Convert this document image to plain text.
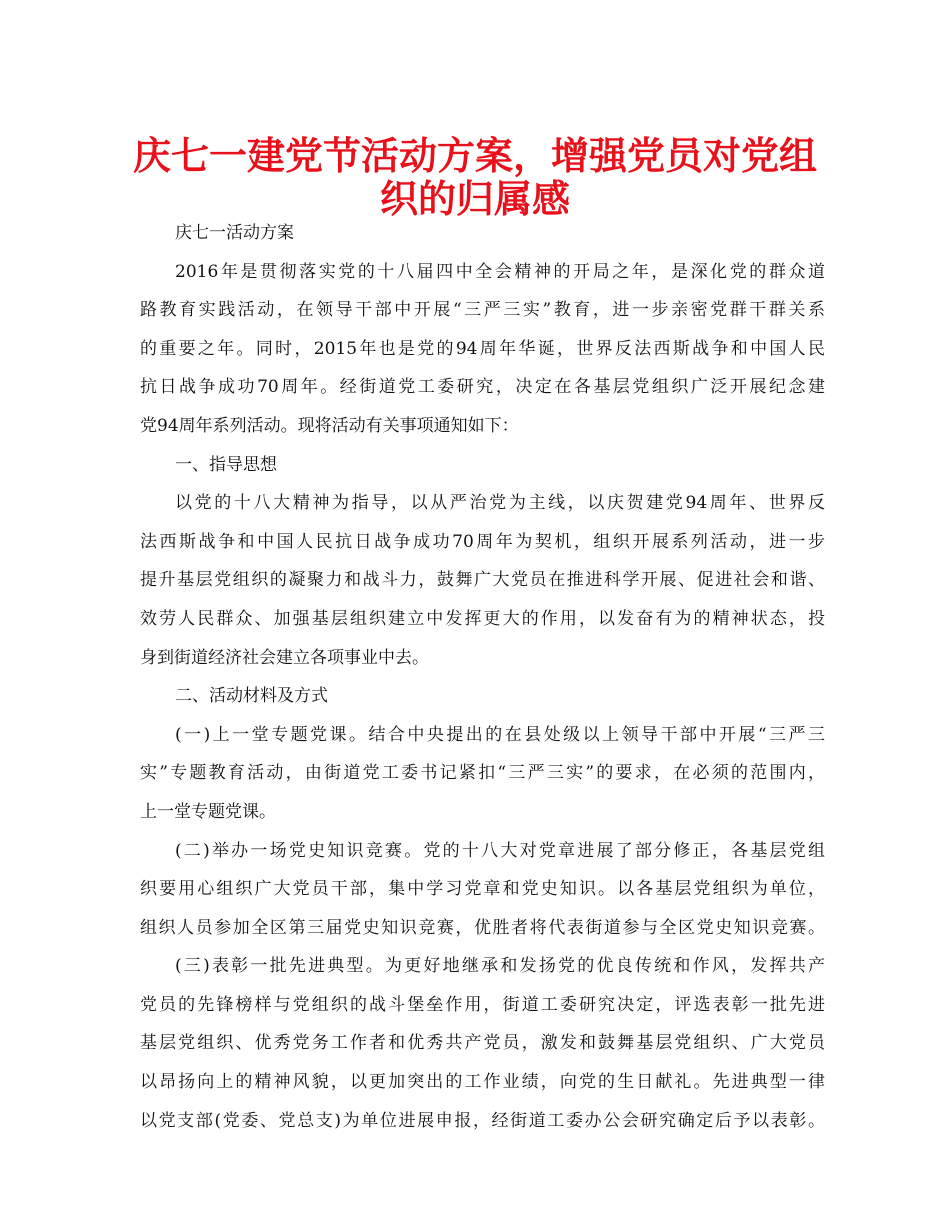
庆七一建党节活动方案，增强党员对党组
织的归属感
庆七一活动方案
2016年是贯彻落实党的十八届四中全会精神的开局之年，是深化党的群众道
路教育实践活动，在领导干部中开展“三严三实”教育，进一步亲密党群干群关系
的重要之年。同时，2015年也是党的94周年华诞，世界反法西斯战争和中国人民
抗日战争成功70周年。经街道党工委研究，决定在各基层党组织广泛开展纪念建
党94周年系列活动。现将活动有关事项通知如下：
一、指导思想
以党的十八大精神为指导，以从严治党为主线，以庆贺建党94周年、世界反
法西斯战争和中国人民抗日战争成功70周年为契机，组织开展系列活动，进一步
提升基层党组织的凝聚力和战斗力，鼓舞广大党员在推进科学开展、促进社会和谐、
效劳人民群众、加强基层组织建立中发挥更大的作用，以发奋有为的精神状态，投
身到街道经济社会建立各项事业中去。
二、活动材料及方式
(一)上一堂专题党课。结合中央提出的在县处级以上领导干部中开展“三严三
实”专题教育活动，由街道党工委书记紧扣“三严三实”的要求，在必须的范围内，
上一堂专题党课。
(二)举办一场党史知识竞赛。党的十八大对党章进展了部分修正，各基层党组
织要用心组织广大党员干部，集中学习党章和党史知识。以各基层党组织为单位，
组织人员参加全区第三届党史知识竞赛，优胜者将代表街道参与全区党史知识竞赛。
(三)表彰一批先进典型。为更好地继承和发扬党的优良传统和作风，发挥共产
党员的先锋榜样与党组织的战斗堡垒作用，街道工委研究决定，评选表彰一批先进
基层党组织、优秀党务工作者和优秀共产党员，激发和鼓舞基层党组织、广大党员
以昂扬向上的精神风貌，以更加突出的工作业绩，向党的生日献礼。先进典型一律
以党支部(党委、党总支)为单位进展申报，经街道工委办公会研究确定后予以表彰。
